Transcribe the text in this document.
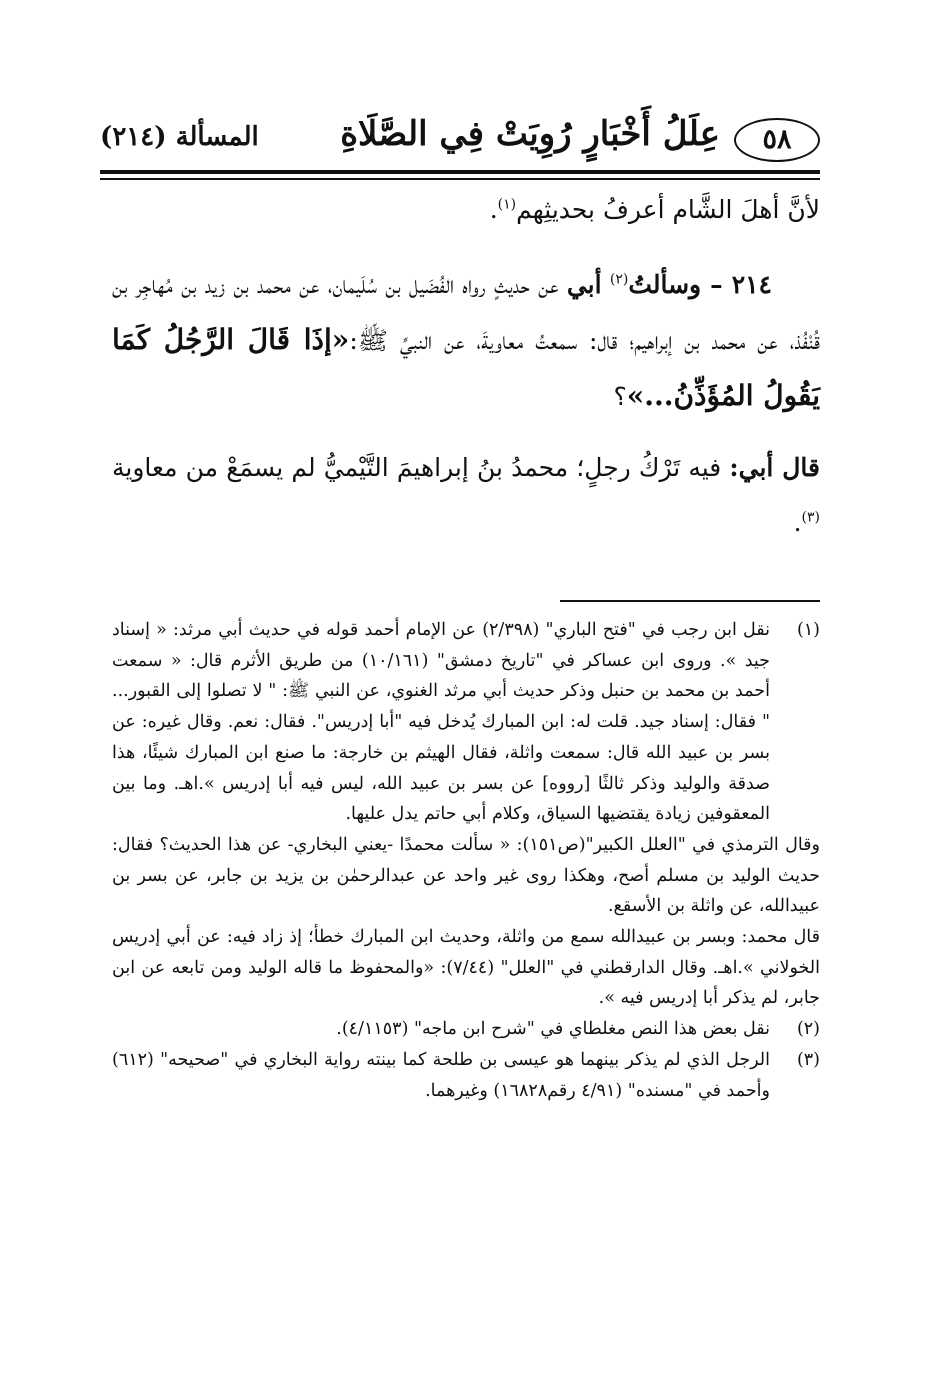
٥٨
عِلَلُ أَخْبَارٍ رُوِيَتْ فِي الصَّلَاةِ
المسألة (٢١٤)

لأنَّ أهلَ الشَّام أعرفُ بحديثِهم$^{(١)}$.

٢١٤ – وسألتُ$^{(٢)}$ أبي عن حديثٍ رواه الفُضَيل بن سُلَيمان، عن محمد بن زيد بن مُهاجِر بن قُنْفُذ، عن محمد بن إبراهيم؛ قال: سمعتُ معاويةَ، عن النبيِّ ﷺ:«إذَا قَالَ الرَّجُلُ كَمَا يَقُولُ المُؤَذِّنُ...»؟

قال أبي: فيه تَرْكُ رجلٍ؛ محمدُ بنُ إبراهيمَ التَّيْميُّ لم يسمَعْ من معاوية $^{(٣)}$.

(١)

نقل ابن رجب في "فتح الباري" (٢/٣٩٨) عن الإمام أحمد قوله في حديث أبي مرثد: « إسناد جيد ». وروى ابن عساكر في "تاريخ دمشق" (١٠/١٦١) من طريق الأثرم قال: « سمعت أحمد بن محمد بن حنبل وذكر حديث أبي مرثد الغنوي، عن النبي ﷺ: " لا تصلوا إلى القبور... " فقال: إسناد جيد. قلت له: ابن المبارك يُدخل فيه "أبا إدريس". فقال: نعم. وقال غيره: عن بسر بن عبيد الله قال: سمعت واثلة، فقال الهيثم بن خارجة: ما صنع ابن المبارك شيئًا، هذا صدقة والوليد وذكر ثالثًا [رووه] عن بسر بن عبيد الله، ليس فيه أبا إدريس ».اهـ. وما بين المعقوفين زيادة يقتضيها السياق، وكلام أبي حاتم يدل عليها.

وقال الترمذي في "العلل الكبير"(ص١٥١): « سألت محمدًا -يعني البخاري- عن هذا الحديث؟ فقال: حديث الوليد بن مسلم أصح، وهكذا روى غير واحد عن عبدالرحمٰن بن يزيد بن جابر، عن بسر بن عبيدالله، عن واثلة بن الأسقع.

قال محمد: وبسر بن عبيدالله سمع من واثلة، وحديث ابن المبارك خطأ؛ إذ زاد فيه: عن أبي إدريس الخولاني ».اهـ. وقال الدارقطني في "العلل" (٧/٤٤): «والمحفوظ ما قاله الوليد ومن تابعه عن ابن جابر، لم يذكر أبا إدريس فيه ».

(٢)

نقل بعض هذا النص مغلطاي في "شرح ابن ماجه" (٤/١١٥٣).

(٣)

الرجل الذي لم يذكر بينهما هو عيسى بن طلحة كما بينته رواية البخاري في "صحيحه" (٦١٢) وأحمد في "مسنده" (٤/٩١ رقم١٦٨٢٨) وغيرهما.
